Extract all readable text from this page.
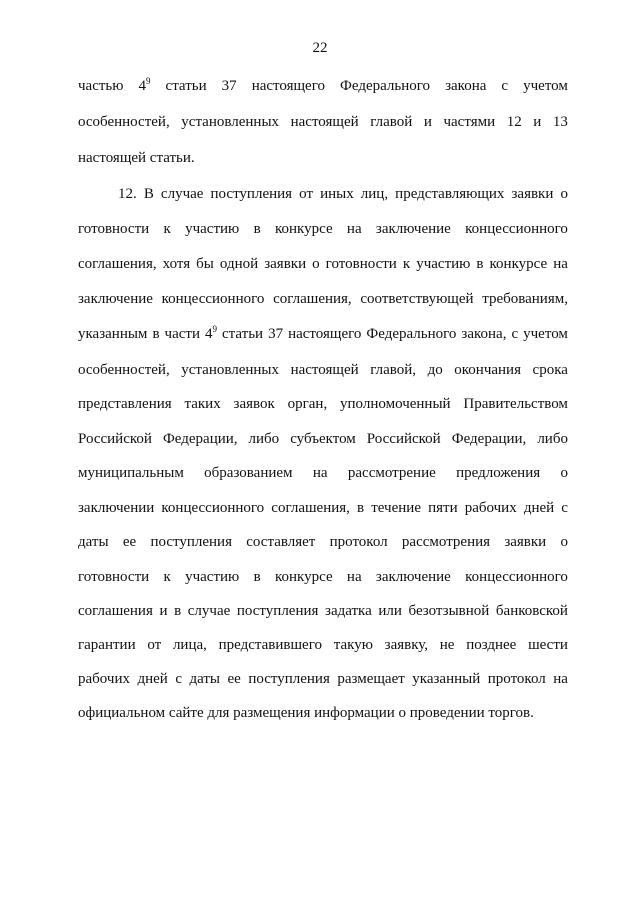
22
частью $4^9$ статьи 37 настоящего Федерального закона с учетом
особенностей, установленных настоящей главой и частями 12 и 13
настоящей статьи.
12. В случае поступления от иных лиц, представляющих заявки о
готовности к участию в конкурсе на заключение концессионного
соглашения, хотя бы одной заявки о готовности к участию в конкурсе на
заключение концессионного соглашения, соответствующей требованиям,
указанным в части $4^9$ статьи 37 настоящего Федерального закона, с учетом
особенностей, установленных настоящей главой, до окончания срока
представления таких заявок орган, уполномоченный Правительством
Российской Федерации, либо субъектом Российской Федерации, либо
муниципальным образованием на рассмотрение предложения о
заключении концессионного соглашения, в течение пяти рабочих дней с
даты ее поступления составляет протокол рассмотрения заявки о
готовности к участию в конкурсе на заключение концессионного
соглашения и в случае поступления задатка или безотзывной банковской
гарантии от лица, представившего такую заявку, не позднее шести
рабочих дней с даты ее поступления размещает указанный протокол на
официальном сайте для размещения информации о проведении торгов.
